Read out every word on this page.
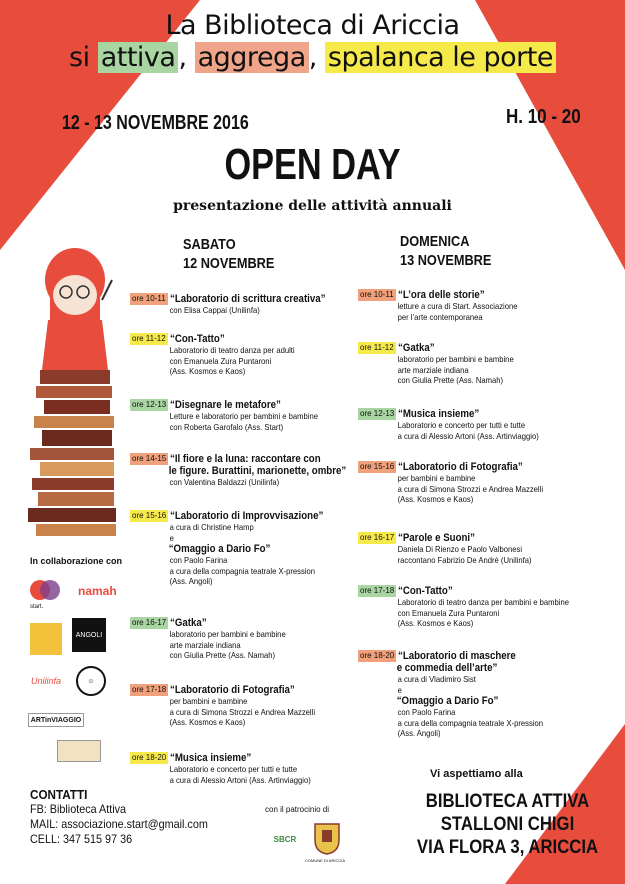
La Biblioteca di Ariccia
si attiva , aggrega , spalanca le porte
12 - 13 NOVEMBRE 2016	H. 10 - 20
OPEN DAY
presentazione delle attività annuali
SABATO
12 NOVEMBRE
ore 10-11 “Laboratorio di scrittura creativa”
con Elisa Cappai (Unilinfa)
ore 11-12 “Con-Tatto”
Laboratorio di teatro danza per adulti
con Emanuela Zura Puntaroni
(Ass. Kosmos e Kaos)
ore 12-13 “Disegnare le metafore”
Letture e laboratorio per bambini e bambine
con Roberta Garofalo (Ass. Start)
ore 14-15 “Il fiore e la luna: raccontare con
le figure. Burattini, marionette, ombre”
con Valentina Baldazzi (Unilinfa)
ore 15-16 “Laboratorio di Improvvisazione”
a cura di Christine Hamp
e
“Omaggio a Dario Fo”
con Paolo Farina
a cura della compagnia teatrale X-pression
(Ass. Angoli)
ore 16-17 “Gatka”
laboratorio per bambini e bambine
arte marziale indiana
con Giulia Prette (Ass. Namah)
ore 17-18 “Laboratorio di Fotografia”
per bambini e bambine
a cura di Simona Strozzi e Andrea Mazzelli
(Ass. Kosmos e Kaos)
ore 18-20 “Musica insieme”
Laboratorio e concerto per tutti e tutte
a cura di Alessio Artoni (Ass. Artinviaggio)
DOMENICA
13 NOVEMBRE
ore 10-11 “L’ora delle storie”
letture a cura di Start. Associazione
per l’arte contemporanea
ore 11-12 “Gatka”
laboratorio per bambini e bambine
arte marziale indiana
con Giulia Prette (Ass. Namah)
ore 12-13 “Musica insieme”
Laboratorio e concerto per tutti e tutte
a cura di Alessio Artoni (Ass. Artinviaggio)
ore 15-16 “Laboratorio di Fotografia”
per bambini e bambine
a cura di Simona Strozzi e Andrea Mazzelli
(Ass. Kosmos e Kaos)
ore 16-17 “Parole e Suoni”
Daniela Di Rienzo e Paolo Valbonesi
raccontano Fabrizio De André (Unilinfa)
ore 17-18 “Con-Tatto”
Laboratorio di teatro danza per bambini e bambine
con Emanuela Zura Puntaroni
(Ass. Kosmos e Kaos)
ore 18-20 “Laboratorio di maschere
e commedia dell’arte”
a cura di Vladimiro Sist
e
“Omaggio a Dario Fo”
con Paolo Farina
a cura della compagnia teatrale X-pression
(Ass. Angoli)
In collaborazione con
namah
start.
ANGOLI
Unilinfa	☺
ARTinVIAGGIO
CONTATTI
FB: Biblioteca Attiva
MAIL: associazione.start@gmail.com
CELL: 347 515 97 36
con il patrocinio di
SBCR
COMUNE DI ARICCIA
Vi aspettiamo alla
BIBLIOTECA ATTIVA
STALLONI CHIGI
VIA FLORA 3, ARICCIA
